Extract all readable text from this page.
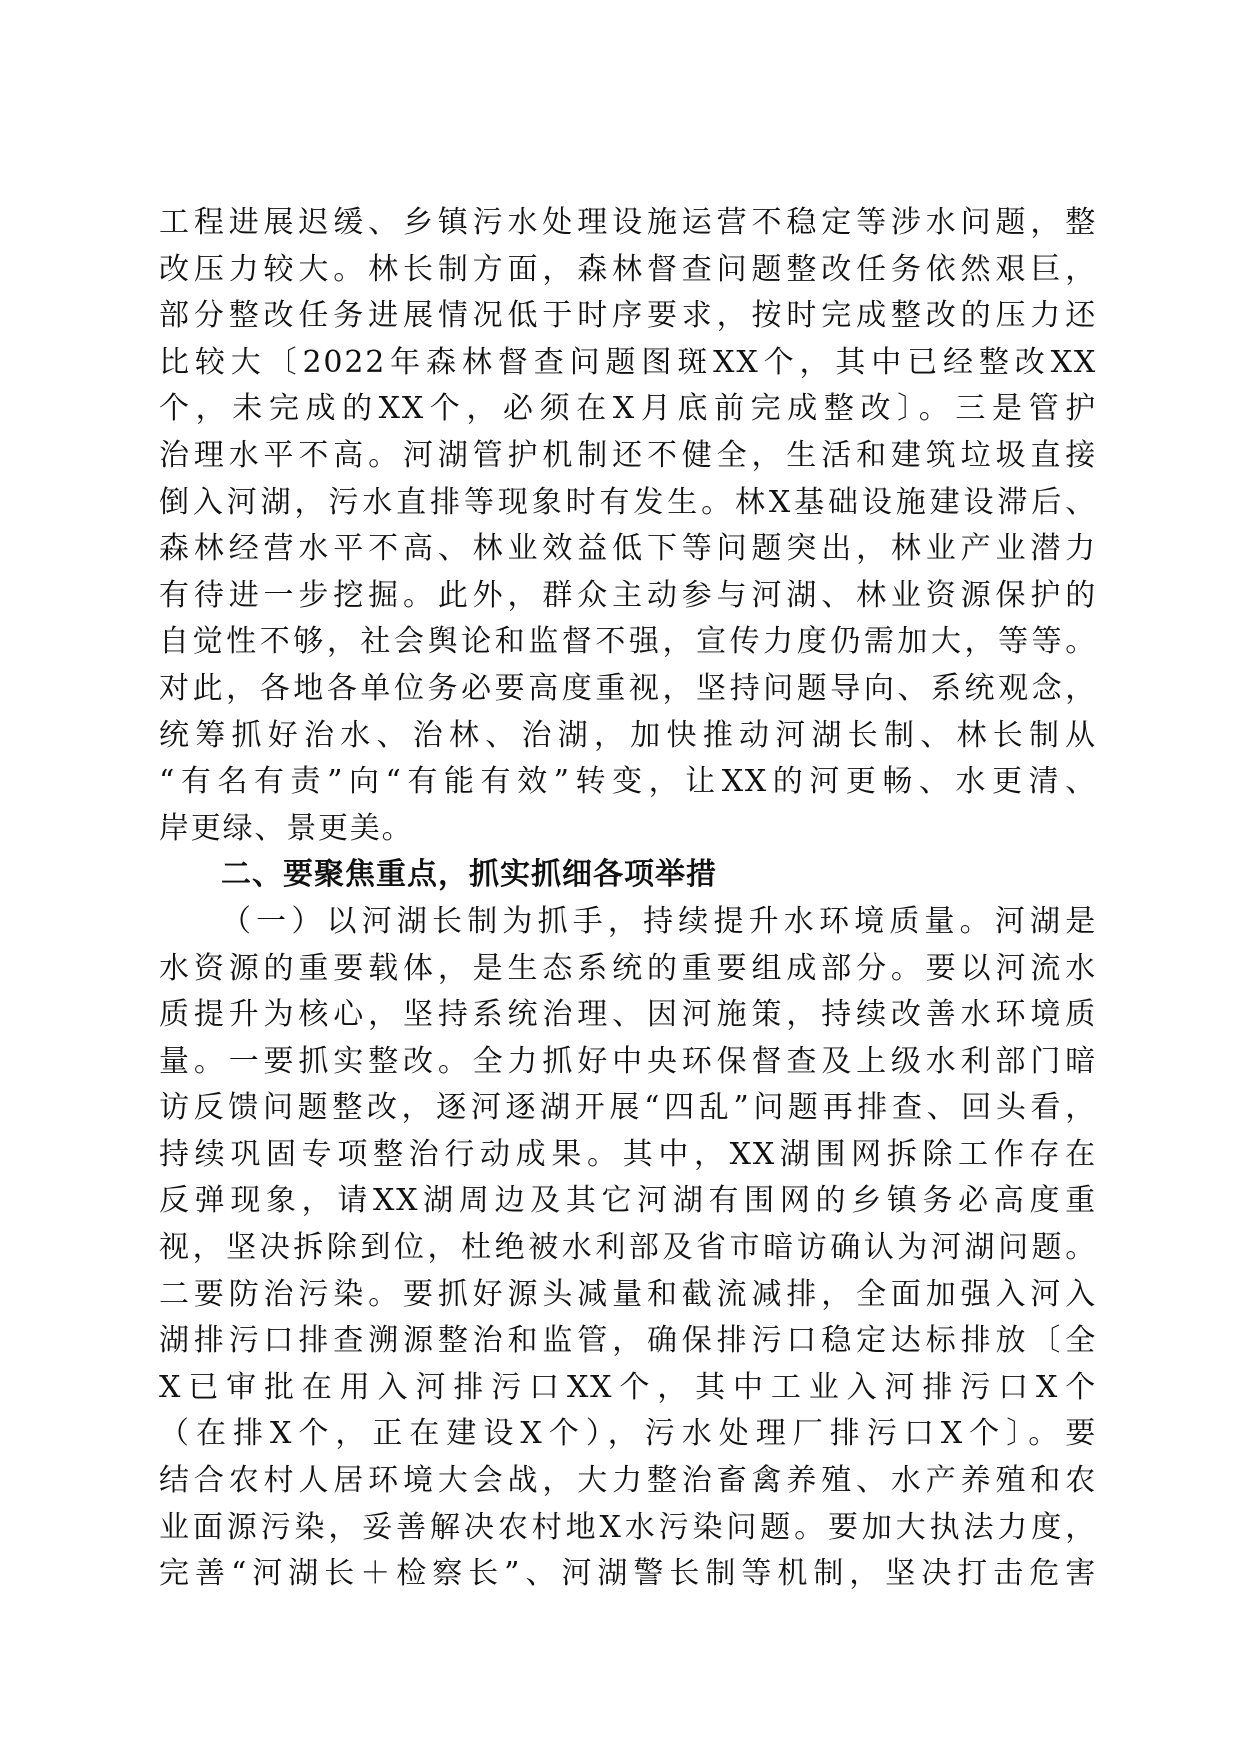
工程进展迟缓、乡镇污水处理设施运营不稳定等涉水问题，整
改压力较大。林长制方面，森林督查问题整改任务依然艰巨，
部分整改任务进展情况低于时序要求，按时完成整改的压力还
比较大〔2022年森林督查问题图斑XX个，其中已经整改XX
个，未完成的XX个，必须在X月底前完成整改〕。三是管护
治理水平不高。河湖管护机制还不健全，生活和建筑垃圾直接
倒入河湖，污水直排等现象时有发生。林X基础设施建设滞后、
森林经营水平不高、林业效益低下等问题突出，林业产业潜力
有待进一步挖掘。此外，群众主动参与河湖、林业资源保护的
自觉性不够，社会舆论和监督不强，宣传力度仍需加大，等等。
对此，各地各单位务必要高度重视，坚持问题导向、系统观念，
统筹抓好治水、治林、治湖，加快推动河湖长制、林长制从
“有名有责”向“有能有效”转变，让XX的河更畅、水更清、
岸更绿、景更美。
二、要聚焦重点，抓实抓细各项举措
（一）以河湖长制为抓手，持续提升水环境质量。河湖是
水资源的重要载体，是生态系统的重要组成部分。要以河流水
质提升为核心，坚持系统治理、因河施策，持续改善水环境质
量。一要抓实整改。全力抓好中央环保督查及上级水利部门暗
访反馈问题整改，逐河逐湖开展“四乱”问题再排查、回头看，
持续巩固专项整治行动成果。其中，XX湖围网拆除工作存在
反弹现象，请XX湖周边及其它河湖有围网的乡镇务必高度重
视，坚决拆除到位，杜绝被水利部及省市暗访确认为河湖问题。
二要防治污染。要抓好源头减量和截流减排，全面加强入河入
湖排污口排查溯源整治和监管，确保排污口稳定达标排放〔全
X已审批在用入河排污口XX个，其中工业入河排污口X个
（在排X个，正在建设X个），污水处理厂排污口X个〕。要
结合农村人居环境大会战，大力整治畜禽养殖、水产养殖和农
业面源污染，妥善解决农村地X水污染问题。要加大执法力度，
完善“河湖长＋检察长”、河湖警长制等机制，坚决打击危害
